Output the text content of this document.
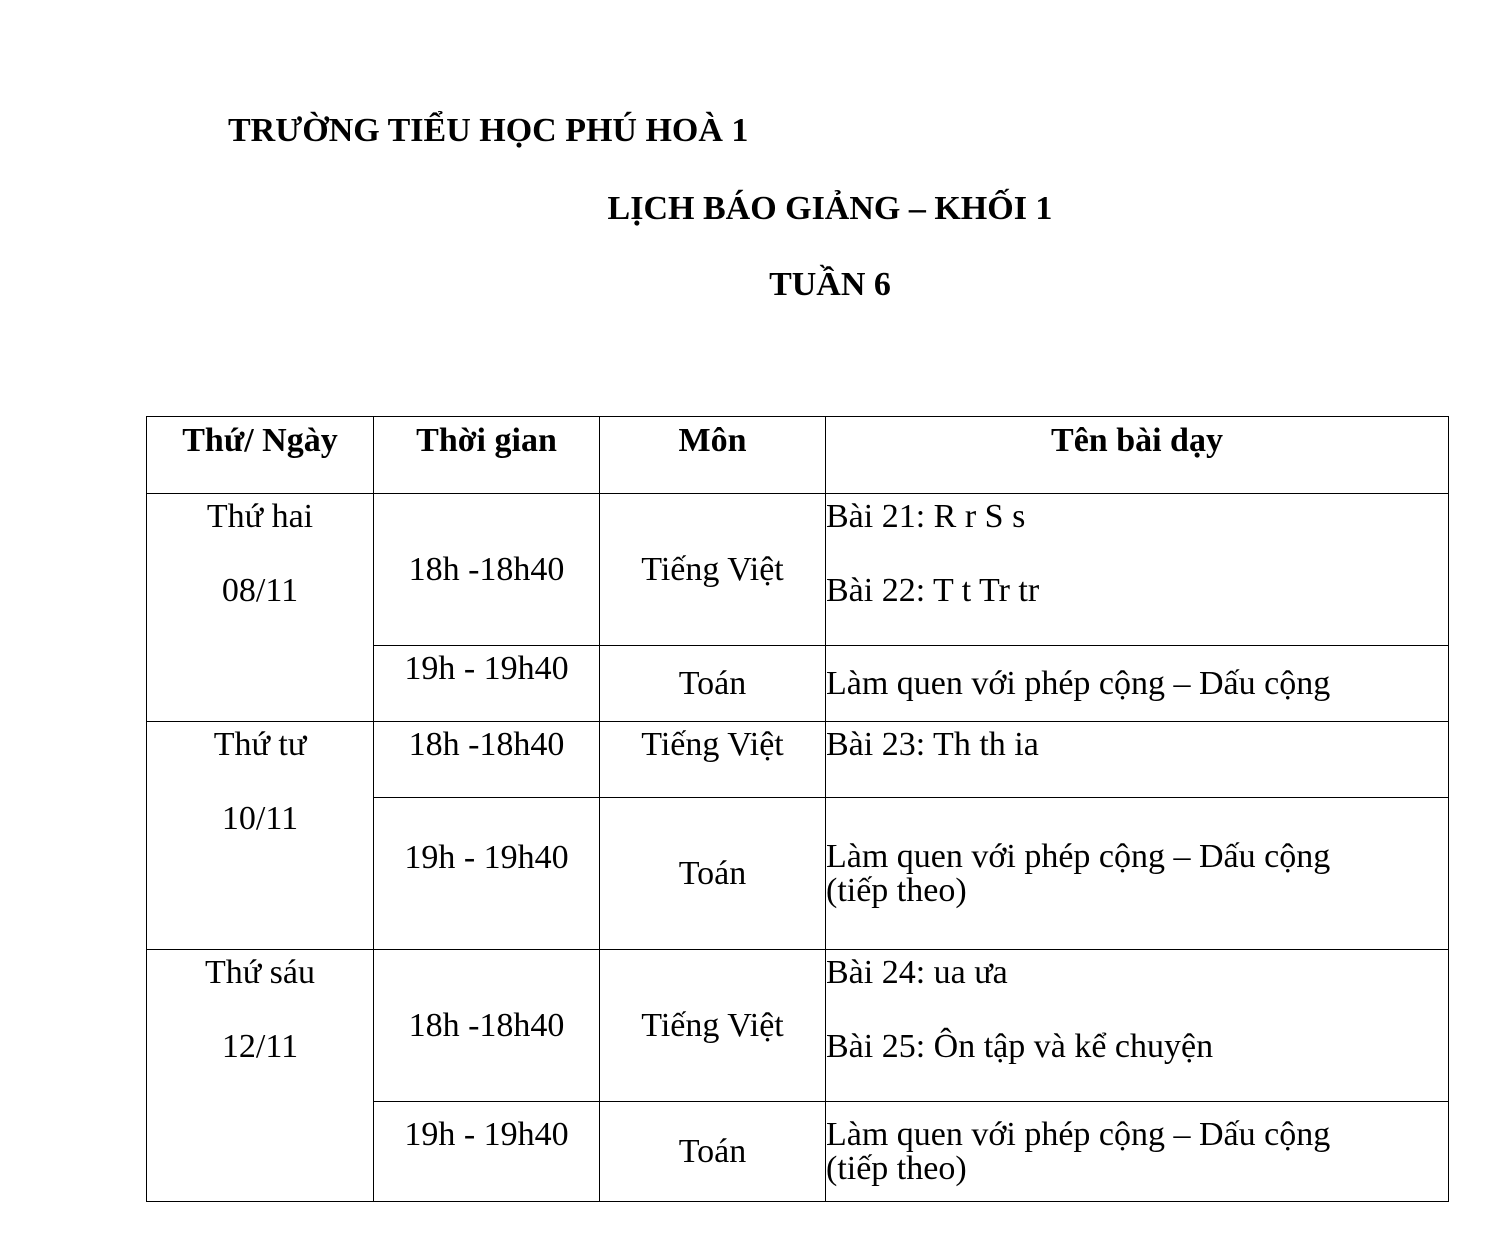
TRƯỜNG TIỂU HỌC PHÚ HOÀ 1
LỊCH BÁO GIẢNG – KHỐI 1
TUẦN 6
Thứ/ Ngày	Thời gian	Môn	Tên bài dạy

Thứ hai
08/11	18h -18h40	Tiếng Việt	Bài 21: R r S s
Bài 22: T t Tr tr

	19h - 19h40	Toán	Làm quen với phép cộng – Dấu cộng

Thứ tư
10/11	18h -18h40	Tiếng Việt	Bài 23: Th th ia

	19h - 19h40	Toán	Làm quen với phép cộng – Dấu cộng
(tiếp theo)

Thứ sáu
12/11	18h -18h40	Tiếng Việt	Bài 24: ua ưa
Bài 25: Ôn tập và kể chuyện

	19h - 19h40	Toán	Làm quen với phép cộng – Dấu cộng
(tiếp theo)
